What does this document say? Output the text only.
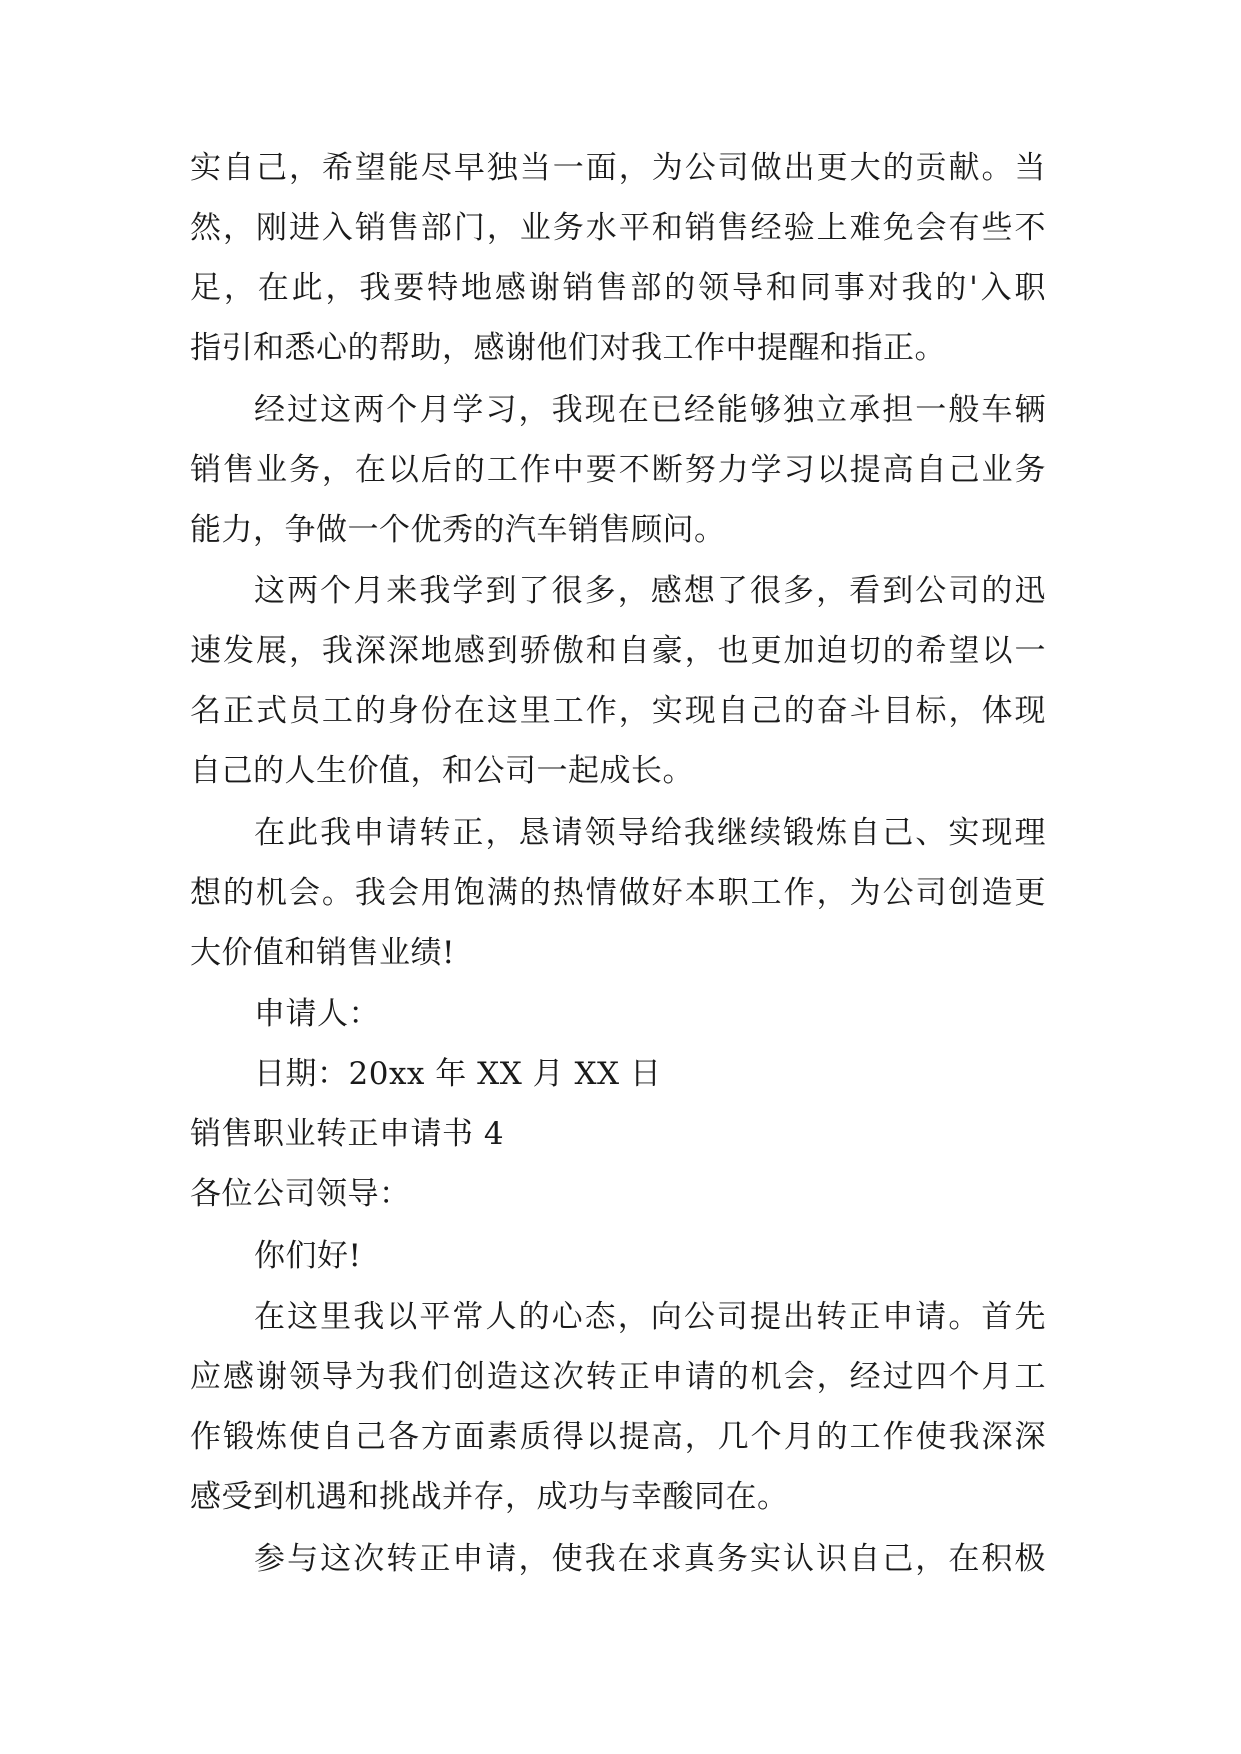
实自己，希望能尽早独当一面，为公司做出更大的贡献。当
然，刚进入销售部门，业务水平和销售经验上难免会有些不
足，在此，我要特地感谢销售部的领导和同事对我的'入职
指引和悉心的帮助，感谢他们对我工作中提醒和指正。
经过这两个月学习，我现在已经能够独立承担一般车辆
销售业务，在以后的工作中要不断努力学习以提高自己业务
能力，争做一个优秀的汽车销售顾问。
这两个月来我学到了很多，感想了很多，看到公司的迅
速发展，我深深地感到骄傲和自豪，也更加迫切的希望以一
名正式员工的身份在这里工作，实现自己的奋斗目标，体现
自己的人生价值，和公司一起成长。
在此我申请转正，恳请领导给我继续锻炼自己、实现理
想的机会。我会用饱满的热情做好本职工作，为公司创造更
大价值和销售业绩!
申请人：
日期：20xx 年 XX 月 XX 日
销售职业转正申请书 4
各位公司领导：
你们好!
在这里我以平常人的心态，向公司提出转正申请。首先
应感谢领导为我们创造这次转正申请的机会，经过四个月工
作锻炼使自己各方面素质得以提高，几个月的工作使我深深
感受到机遇和挑战并存，成功与幸酸同在。
参与这次转正申请，使我在求真务实认识自己，在积极
